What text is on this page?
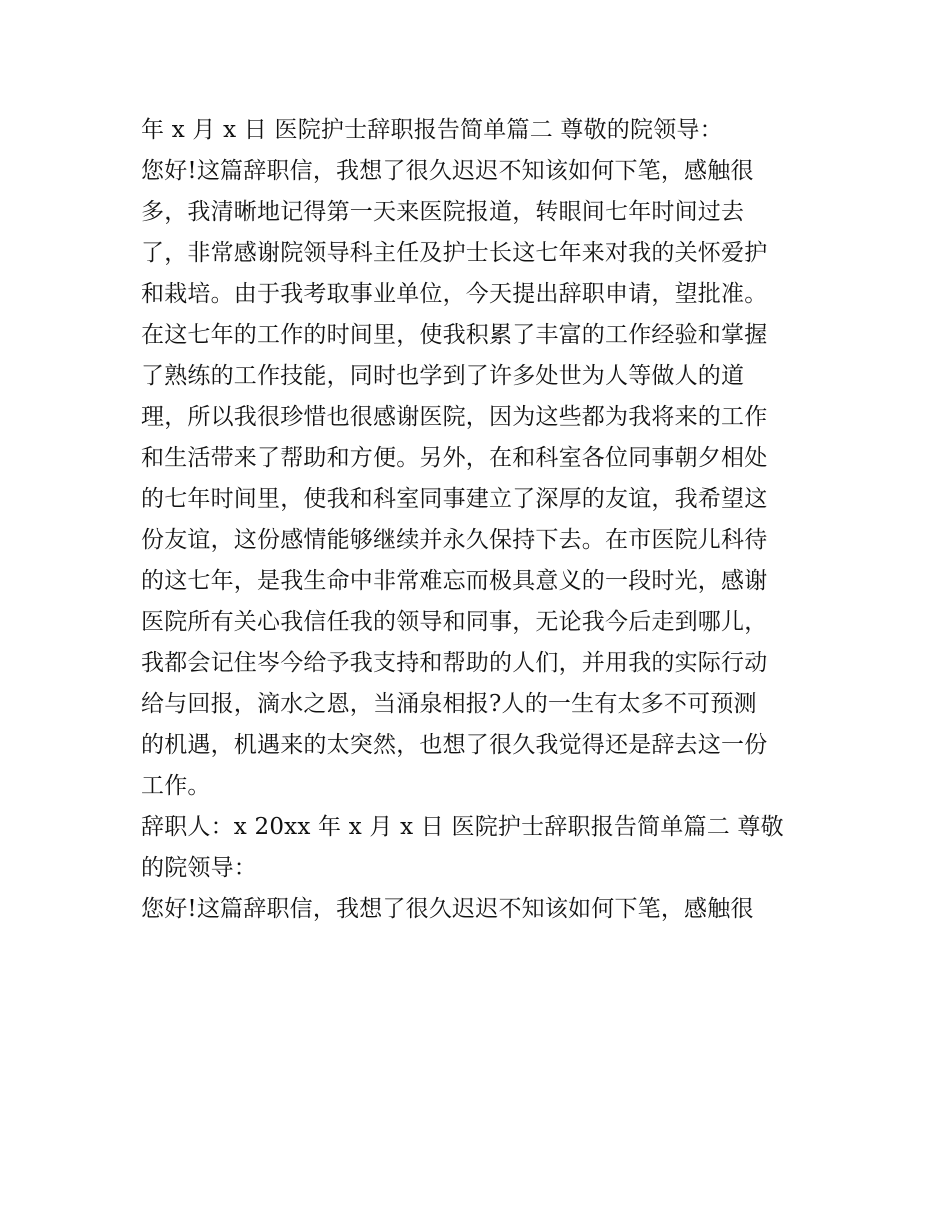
年 x 月 x 日 医院护士辞职报告简单篇二 尊敬的院领导：
您好!这篇辞职信，我想了很久迟迟不知该如何下笔，感触很
多，我清晰地记得第一天来医院报道，转眼间七年时间过去
了，非常感谢院领导科主任及护士长这七年来对我的关怀爱护
和栽培。由于我考取事业单位，今天提出辞职申请，望批准。
在这七年的工作的时间里，使我积累了丰富的工作经验和掌握
了熟练的工作技能，同时也学到了许多处世为人等做人的道
理，所以我很珍惜也很感谢医院，因为这些都为我将来的工作
和生活带来了帮助和方便。另外，在和科室各位同事朝夕相处
的七年时间里，使我和科室同事建立了深厚的友谊，我希望这
份友谊，这份感情能够继续并永久保持下去。在市医院儿科待
的这七年，是我生命中非常难忘而极具意义的一段时光，感谢
医院所有关心我信任我的领导和同事，无论我今后走到哪儿，
我都会记住岑今给予我支持和帮助的人们，并用我的实际行动
给与回报，滴水之恩，当涌泉相报?人的一生有太多不可预测
的机遇，机遇来的太突然，也想了很久我觉得还是辞去这一份
工作。
辞职人：x 20xx 年 x 月 x 日 医院护士辞职报告简单篇二 尊敬
的院领导：
您好!这篇辞职信，我想了很久迟迟不知该如何下笔，感触很
